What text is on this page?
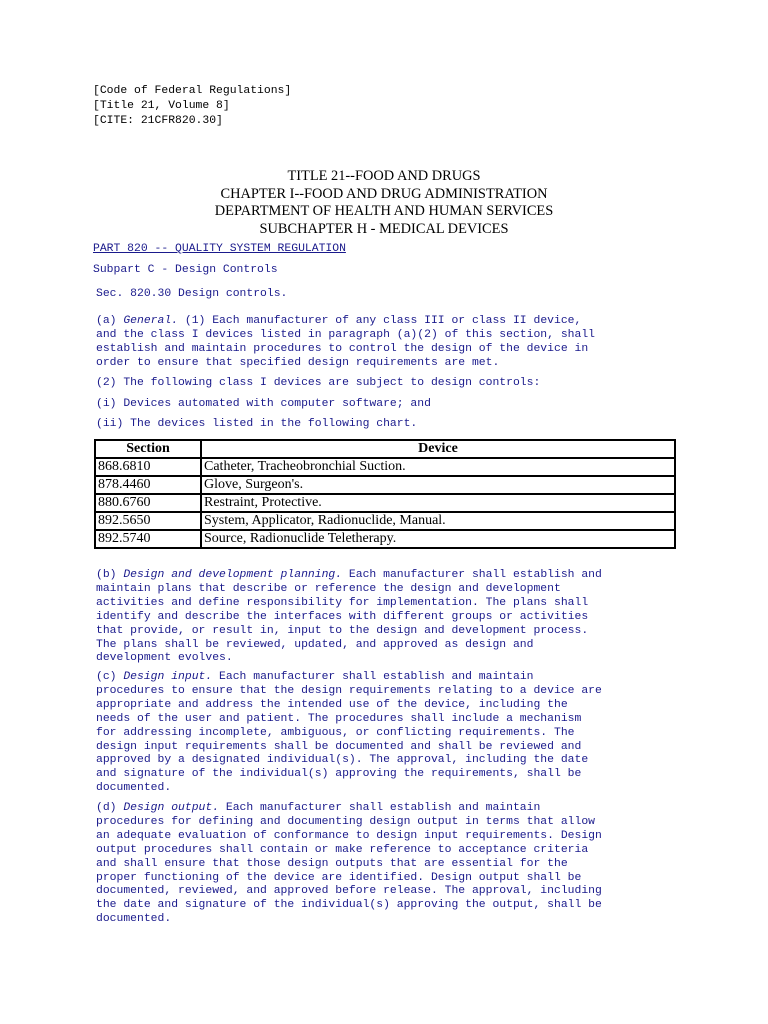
[Code of Federal Regulations]
[Title 21, Volume 8]
[CITE: 21CFR820.30]
TITLE 21--FOOD AND DRUGS
CHAPTER I--FOOD AND DRUG ADMINISTRATION
DEPARTMENT OF HEALTH AND HUMAN SERVICES
SUBCHAPTER H - MEDICAL DEVICES
PART 820 -- QUALITY SYSTEM REGULATION
Subpart C - Design Controls
Sec. 820.30 Design controls.
(a) General. (1) Each manufacturer of any class III or class II device,
and the class I devices listed in paragraph (a)(2) of this section, shall
establish and maintain procedures to control the design of the device in
order to ensure that specified design requirements are met.
(2) The following class I devices are subject to design controls:
(i) Devices automated with computer software; and
(ii) The devices listed in the following chart.
Section	Device
868.6810	Catheter, Tracheobronchial Suction.
878.4460	Glove, Surgeon's.
880.6760	Restraint, Protective.
892.5650	System, Applicator, Radionuclide, Manual.
892.5740	Source, Radionuclide Teletherapy.
(b) Design and development planning. Each manufacturer shall establish and
maintain plans that describe or reference the design and development
activities and define responsibility for implementation. The plans shall
identify and describe the interfaces with different groups or activities
that provide, or result in, input to the design and development process.
The plans shall be reviewed, updated, and approved as design and
development evolves.
(c) Design input. Each manufacturer shall establish and maintain
procedures to ensure that the design requirements relating to a device are
appropriate and address the intended use of the device, including the
needs of the user and patient. The procedures shall include a mechanism
for addressing incomplete, ambiguous, or conflicting requirements. The
design input requirements shall be documented and shall be reviewed and
approved by a designated individual(s). The approval, including the date
and signature of the individual(s) approving the requirements, shall be
documented.
(d) Design output. Each manufacturer shall establish and maintain
procedures for defining and documenting design output in terms that allow
an adequate evaluation of conformance to design input requirements. Design
output procedures shall contain or make reference to acceptance criteria
and shall ensure that those design outputs that are essential for the
proper functioning of the device are identified. Design output shall be
documented, reviewed, and approved before release. The approval, including
the date and signature of the individual(s) approving the output, shall be
documented.
